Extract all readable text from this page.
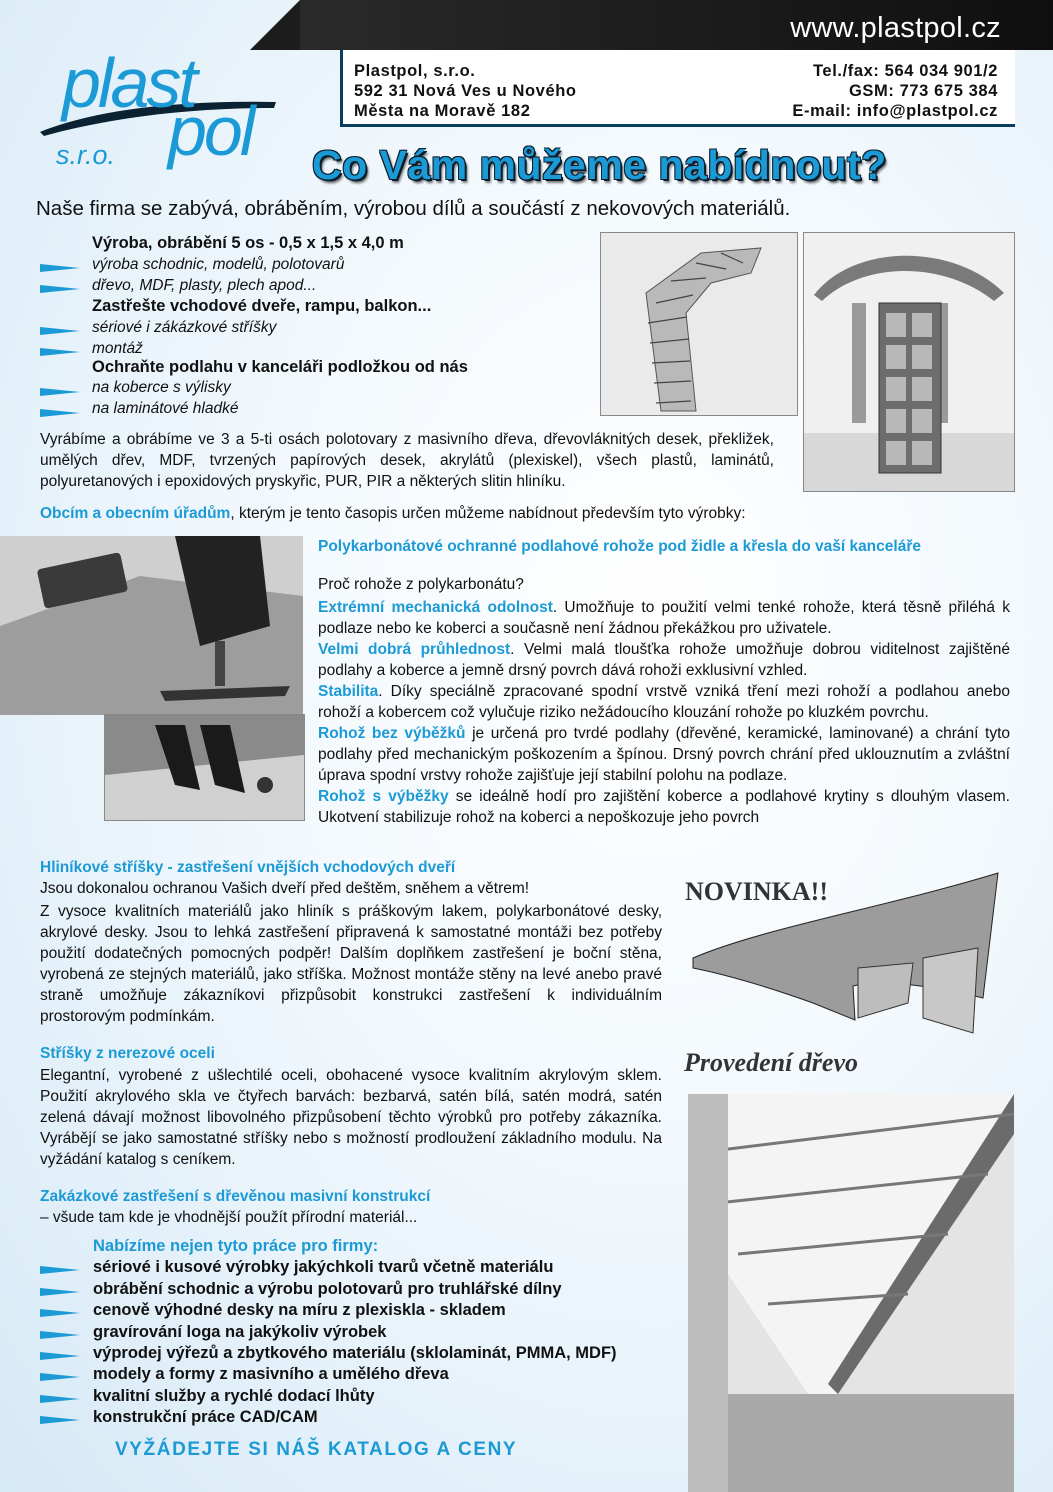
www.plastpol.cz
Plastpol, s.r.o.
592 31 Nová Ves u Nového
Města na Moravě 182
Tel./fax: 564 034 901/2
GSM: 773 675 384
E-mail: info@plastpol.cz
plast
pol
s.r.o.	Co Vám můžeme nabídnout?
Naše firma se zabývá, obráběním, výrobou dílů a součástí z nekovových materiálů.
Výroba, obrábění 5 os - 0,5 x 1,5 x 4,0 m
výroba schodnic, modelů, polotovarů
dřevo, MDF, plasty, plech apod...
Zastřešte vchodové dveře, rampu, balkon...
sériové i zákázkové stříšky
montáž
Ochraňte podlahu v kanceláři podložkou od nás
na koberce s výlisky
na laminátové hladké
Vyrábíme a obrábíme ve 3 a 5-ti osách polotovary z masivního dřeva, dřevovláknitých desek, překližek, umělých dřev, MDF, tvrzených papírových desek, akrylátů (plexiskel), všech plastů, laminátů, polyuretanových i epoxidových pryskyřic, PUR, PIR a některých slitin hliníku.
Obcím a obecním úřadům, kterým je tento časopis určen můžeme nabídnout především tyto výrobky:
Polykarbonátové ochranné podlahové rohože pod židle a křesla do vaší kanceláře
Proč rohože z polykarbonátu?
Extrémní mechanická odolnost. Umožňuje to použití velmi tenké rohože, která těsně přiléhá k podlaze nebo ke koberci a současně není žádnou překážkou pro uživatele.
Velmi dobrá průhlednost. Velmi malá tloušťka rohože umožňuje dobrou viditelnost zajištěné podlahy a koberce a jemně drsný povrch dává rohoži exklusivní vzhled.
Stabilita. Díky speciálně zpracované spodní vrstvě vzniká tření mezi rohoží a podlahou anebo rohoží a kobercem což vylučuje riziko nežádoucího klouzání rohože po kluzkém povrchu.
Rohož bez výběžků je určená pro tvrdé podlahy (dřevěné, keramické, laminované) a chrání tyto podlahy před mechanickým poškozením a špínou. Drsný povrch chrání před uklouznutím a zvláštní úprava spodní vrstvy rohože zajišťuje její stabilní polohu na podlaze.
Rohož s výběžky se ideálně hodí pro zajištění koberce a podlahové krytiny s dlouhým vlasem. Ukotvení stabilizuje rohož na koberci a nepoškozuje jeho povrch
Hliníkové stříšky - zastřešení vnějších vchodových dveří
Jsou dokonalou ochranou Vašich dveří před deštěm, sněhem a větrem!
Z vysoce kvalitních materiálů jako hliník s práškovým lakem, polykarbonátové desky, akrylové desky. Jsou to lehká zastřešení připravená k samostatné montáži bez potřeby použití dodatečných pomocných podpěr! Dalším doplňkem zastřešení je boční stěna, vyrobená ze stejných materiálů, jako stříška. Možnost montáže stěny na levé anebo pravé straně umožňuje zákazníkovi přizpůsobit konstrukci zastřešení k individuálním prostorovým podmínkám.
NOVINKA!!
Stříšky z nerezové oceli
Elegantní, vyrobené z ušlechtilé oceli, obohacené vysoce kvalitním akrylovým sklem. Použití akrylového skla ve čtyřech barvách: bezbarvá, satén bílá, satén modrá, satén zelená dávají možnost libovolného přizpůsobení těchto výrobků pro potřeby zákazníka. Vyrábějí se jako samostatné stříšky nebo s možností prodloužení základního modulu. Na vyžádání katalog s ceníkem.
Provedení dřevo
Zakázkové zastřešení s dřevěnou masivní konstrukcí
– všude tam kde je vhodnější použít přírodní materiál...
Nabízíme nejen tyto práce pro firmy:
sériové i kusové výrobky jakýchkoli tvarů včetně materiálu
obrábění schodnic a výrobu polotovarů pro truhlářské dílny
cenově výhodné desky na míru z plexiskla - skladem
gravírování loga na jakýkoliv výrobek
výprodej výřezů a zbytkového materiálu (sklolaminát, PMMA, MDF)
modely a formy z masivního a umělého dřeva
kvalitní služby a rychlé dodací lhůty
konstrukční práce CAD/CAM
VYŽÁDEJTE SI NÁŠ KATALOG A CENY
